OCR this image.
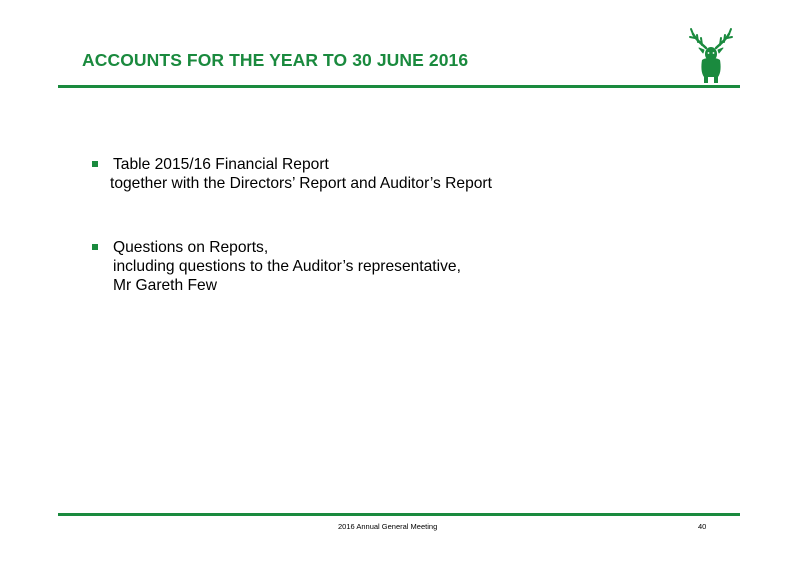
ACCOUNTS FOR THE YEAR TO 30 JUNE 2016
Table 2015/16 Financial Report
together with the Directors’ Report and Auditor’s Report
Questions on Reports,
including questions to the Auditor’s representative,
Mr Gareth Few
2016 Annual General Meeting	40
